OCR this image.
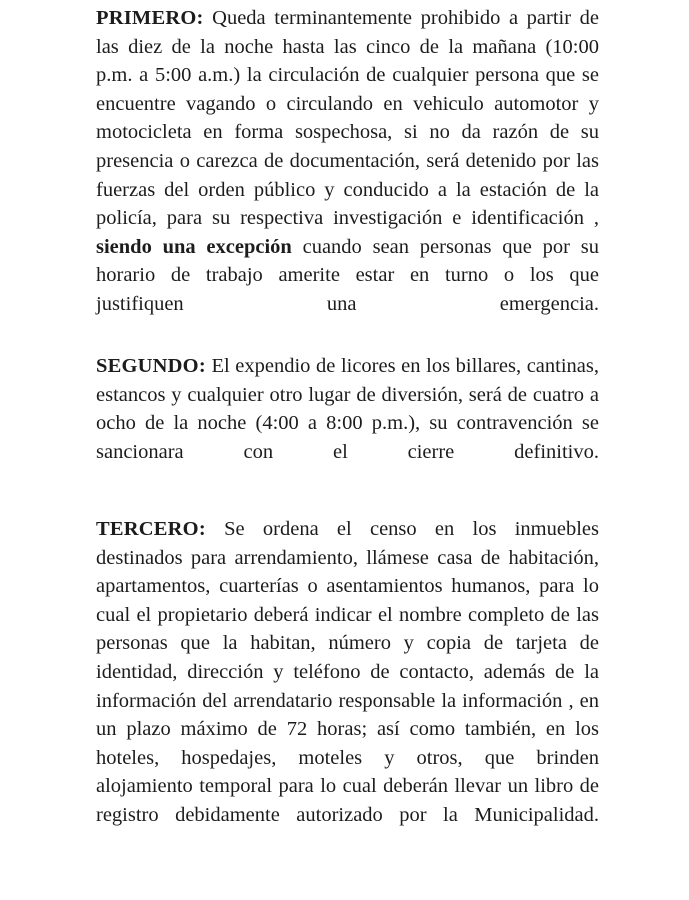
PRIMERO: Queda terminantemente prohibido a partir de las diez de la noche hasta las cinco de la mañana (10:00 p.m. a 5:00 a.m.) la circulación de cualquier persona que se encuentre vagando o circulando en vehiculo automotor y motocicleta en forma sospechosa, si no da razón de su presencia o carezca de documentación, será detenido por las fuerzas del orden público y conducido a la estación de la policía, para su respectiva investigación e identificación , siendo una excepción cuando sean personas que por su horario de trabajo amerite estar en turno o los que justifiquen una emergencia.

SEGUNDO: El expendio de licores en los billares, cantinas, estancos y cualquier otro lugar de diversión, será de cuatro a ocho de la noche (4:00 a 8:00 p.m.), su contravención se sancionara con el cierre definitivo.

TERCERO: Se ordena el censo en los inmuebles destinados para arrendamiento, llámese casa de habitación, apartamentos, cuarterías o asentamientos humanos, para lo cual el propietario deberá indicar el nombre completo de las personas que la habitan, número y copia de tarjeta de identidad, dirección y teléfono de contacto, además de la información del arrendatario responsable la información , en un plazo máximo de 72 horas; así como también, en los hoteles, hospedajes, moteles y otros, que brinden alojamiento temporal para lo cual deberán llevar un libro de registro debidamente autorizado por la Municipalidad.
